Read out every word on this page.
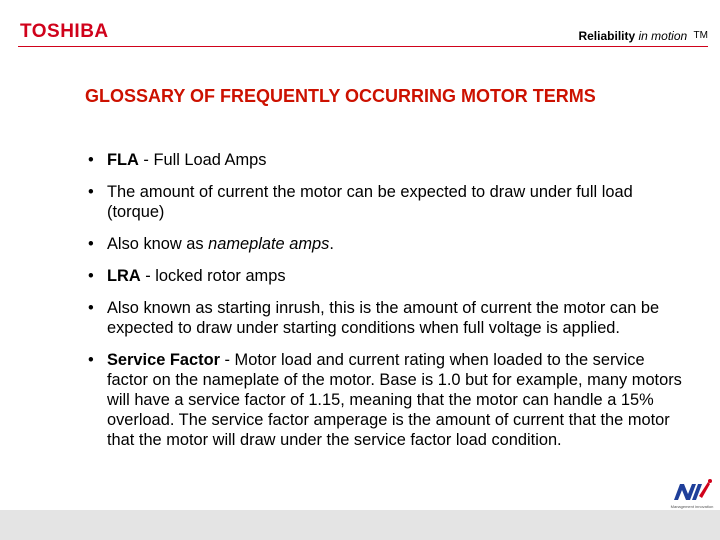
TOSHIBA	Reliability in motion TM
GLOSSARY OF FREQUENTLY OCCURRING MOTOR TERMS
• FLA - Full Load Amps
• The amount of current the motor can be expected to draw under full load (torque)
• Also know as nameplate amps.
• LRA - locked rotor amps
• Also known as starting inrush, this is the amount of current the motor can be expected to draw under starting conditions when full voltage is applied.
• Service Factor - Motor load and current rating when loaded to the service factor on the nameplate of the motor. Base is 1.0 but for example, many motors will have a service factor of 1.15, meaning that the motor can handle a 15% overload. The service factor amperage is the amount of current that the motor that the motor will draw under the service factor load condition.
Management innovation
